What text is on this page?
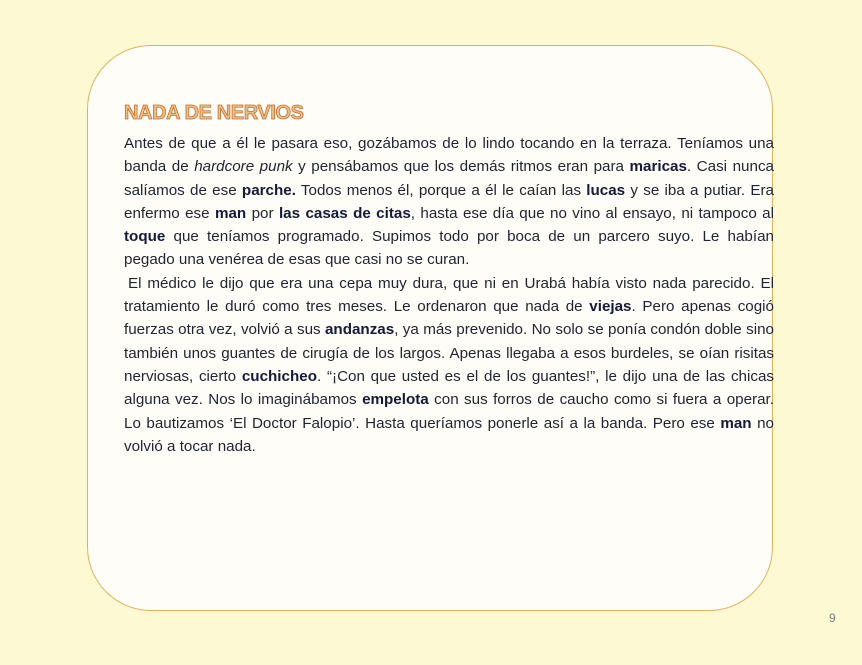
NADA DE NERVIOS

Antes de que a él le pasara eso, gozábamos de lo lindo tocando en la terraza. Teníamos una banda de hardcore punk y pensábamos que los demás ritmos eran para maricas. Casi nunca salíamos de ese parche. Todos menos él, porque a él le caían las lucas y se iba a putiar. Era enfermo ese man por las casas de citas, hasta ese día que no vino al ensayo, ni tampoco al toque que teníamos programado. Supimos todo por boca de un parcero suyo. Le habían pegado una venérea de esas que casi no se curan.

El médico le dijo que era una cepa muy dura, que ni en Urabá había visto nada parecido. El tratamiento le duró como tres meses. Le ordenaron que nada de viejas. Pero apenas cogió fuerzas otra vez, volvió a sus andanzas, ya más prevenido. No solo se ponía condón doble sino también unos guantes de cirugía de los largos. Apenas llegaba a esos burdeles, se oían risitas nerviosas, cierto cuchicheo. “¡Con que usted es el de los guantes!”, le dijo una de las chicas alguna vez. Nos lo imaginábamos empelota con sus forros de caucho como si fuera a operar. Lo bautizamos ‘El Doctor Falopio’. Hasta queríamos ponerle así a la banda. Pero ese man no volvió a tocar nada.

9
